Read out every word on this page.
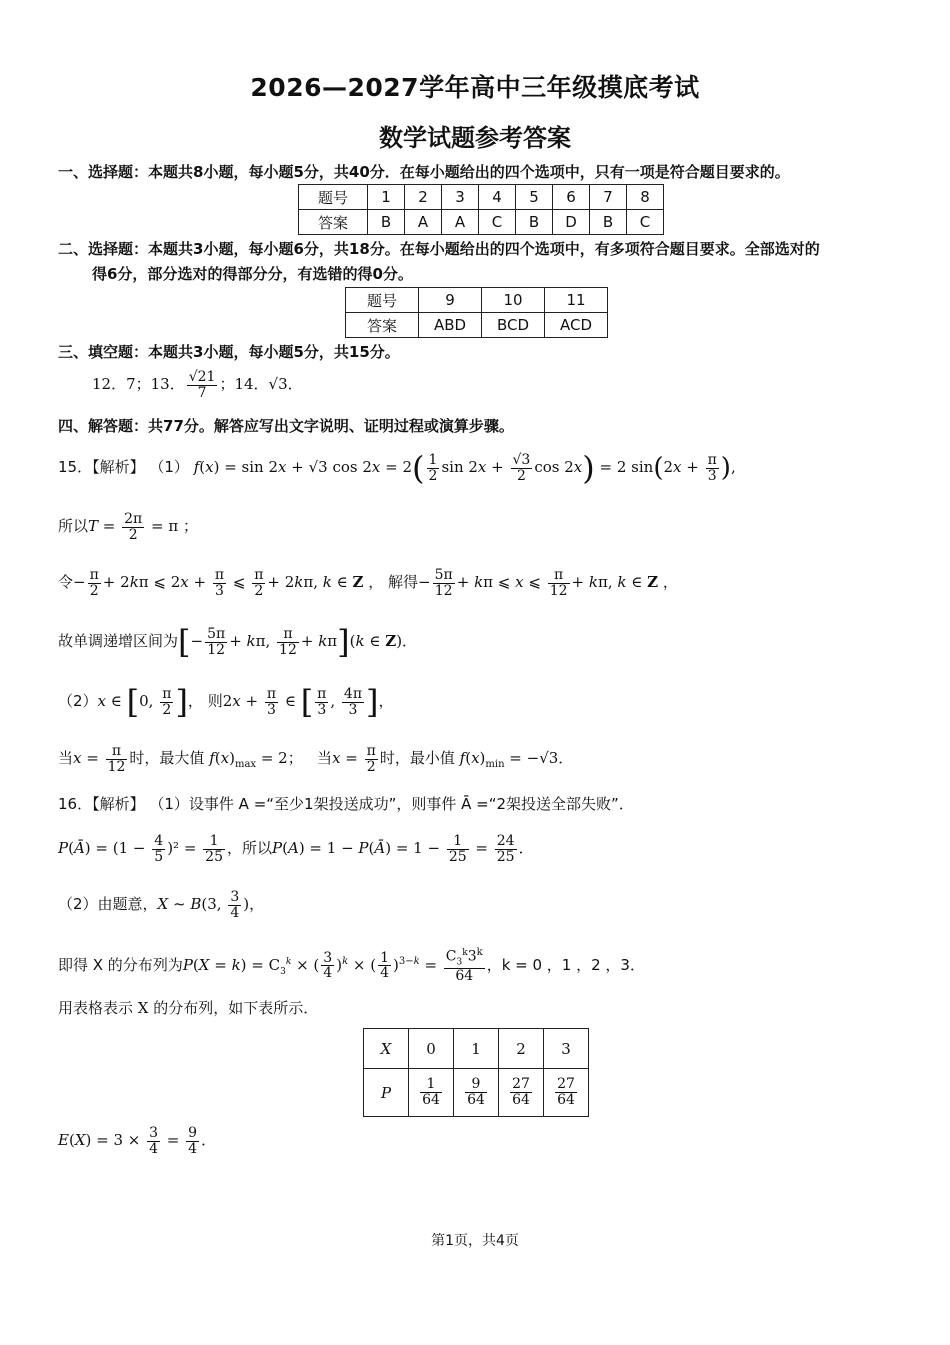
2026—2027学年高中三年级摸底考试
数学试题参考答案
一、选择题：本题共8小题，每小题5分，共40分．在每小题给出的四个选项中，只有一项是符合题目要求的。
题号	1	2	3	4	5	6	7	8
答案	B	A	A	C	B	D	B	C
二、选择题：本题共3小题，每小题6分，共18分。在每小题给出的四个选项中，有多项符合题目要求。全部选对的
得6分，部分选对的得部分分，有选错的得0分。
题号	9	10	11
答案	ABD	BCD	ACD
三、填空题：本题共3小题，每小题5分，共15分。
12．7；13． $\frac{√21}{7}$ ；14．√3．
四、解答题：共77分。解答应写出文字说明、证明过程或演算步骤。
15．【解析】 （1） f(x) = sin 2x + √3 $\cos 2x = 2( \frac{1}{2}$ $\sin 2x + \frac{√3}{2}$ cos 2x) = 2 $\sin(2x + \frac{\pi}{3}$ ),
所以$T = \frac{2\pi}{2} = \pi$ ；
令− $\frac{\pi}{2} + 2k\pi$ ⩽ $2x + \frac{\pi}{3}$ ⩽ $\frac{\pi}{2} + 2k\pi$, k ∈ Z ， 解得− $\frac{5\pi}{12} + k\pi$ ⩽ x ⩽ $\frac{\pi}{12} + k\pi$, k ∈ Z ，
故单调递增区间为[− $\frac{5\pi}{12} + k\pi$, $\frac{\pi}{12} + k\pi](k$ ∈ Z)．
（2）x ∈ [0, $\frac{\pi}{2}$ ]， 则$2x + \frac{\pi}{3}$ ∈ [ $\frac{\pi}{3}$ , $\frac{4\pi}{3}$ ]，
当$x = \frac{\pi}{12}$ 时，最大值 $f(x)_{max} = 2$； 当$x = \frac{\pi}{2}$ 时，最小值 $f(x)_{min} = -√3$．
16．【解析】 （1）设事件 A =“至少1架投送成功”，则事件 Ā =“2架投送全部失败”．
P(Ā) = $(1 - \frac{4}{5} )^2 = \frac{1}{25}$ ，所以P(A) = 1 − P(Ā) = $1 - \frac{1}{25} = \frac{24}{25}$ ．
（2）由题意，X ~ B(3, $\frac{3}{4}$ )，
即得 X 的分布列为$P(X = k) = C_3^k$ × ( $\frac{3}{4} )^k$ × ( $\frac{1}{4} )^{3-k} = \frac{C_3^k3^k}{64}$ ，k = 0 ，1 ，2 ，3．
用表格表示 X 的分布列，如下表所示．
X	0	1	2	3
P	$\frac{1}{64}$	$\frac{9}{64}$	$\frac{27}{64}$	$\frac{27}{64}$
$E(X) = 3 \times \frac{3}{4} = \frac{9}{4}$ ．
第1页，共4页
